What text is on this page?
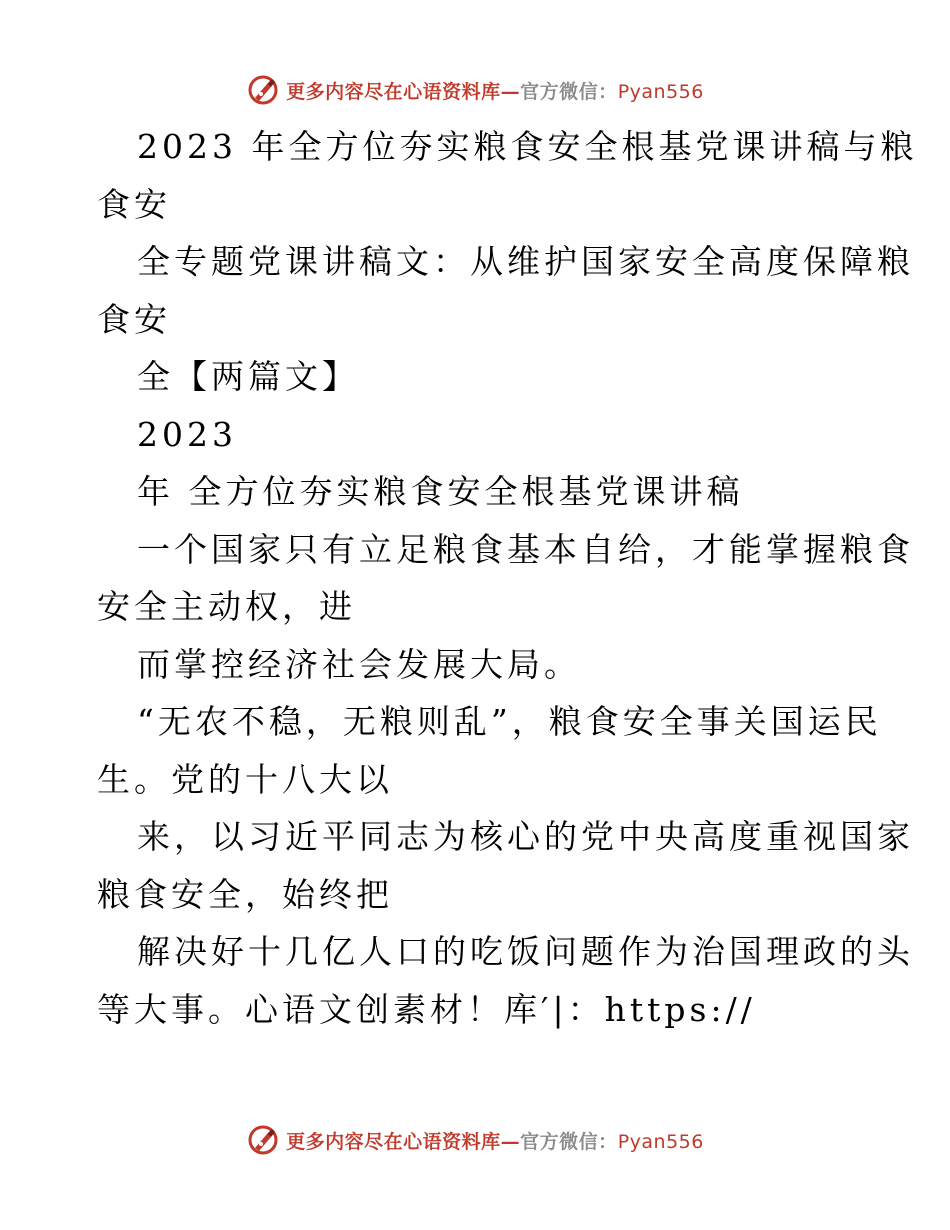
更多内容尽在心语资料库—官方微信：Pyan556
2023 年全方位夯实粮食安全根基党课讲稿与粮
食安
全专题党课讲稿文：从维护国家安全高度保障粮
食安
全【两篇文】
2023
年 全方位夯实粮食安全根基党课讲稿
一个国家只有立足粮食基本自给，才能掌握粮食
安全主动权，进
而掌控经济社会发展大局。
“无农不稳，无粮则乱”，粮食安全事关国运民
生。党的十八大以
来，以习近平同志为核心的党中央高度重视国家
粮食安全，始终把
解决好十几亿人口的吃饭问题作为治国理政的头
等大事。心语文创素材！库′|：https://
更多内容尽在心语资料库—官方微信：Pyan556
